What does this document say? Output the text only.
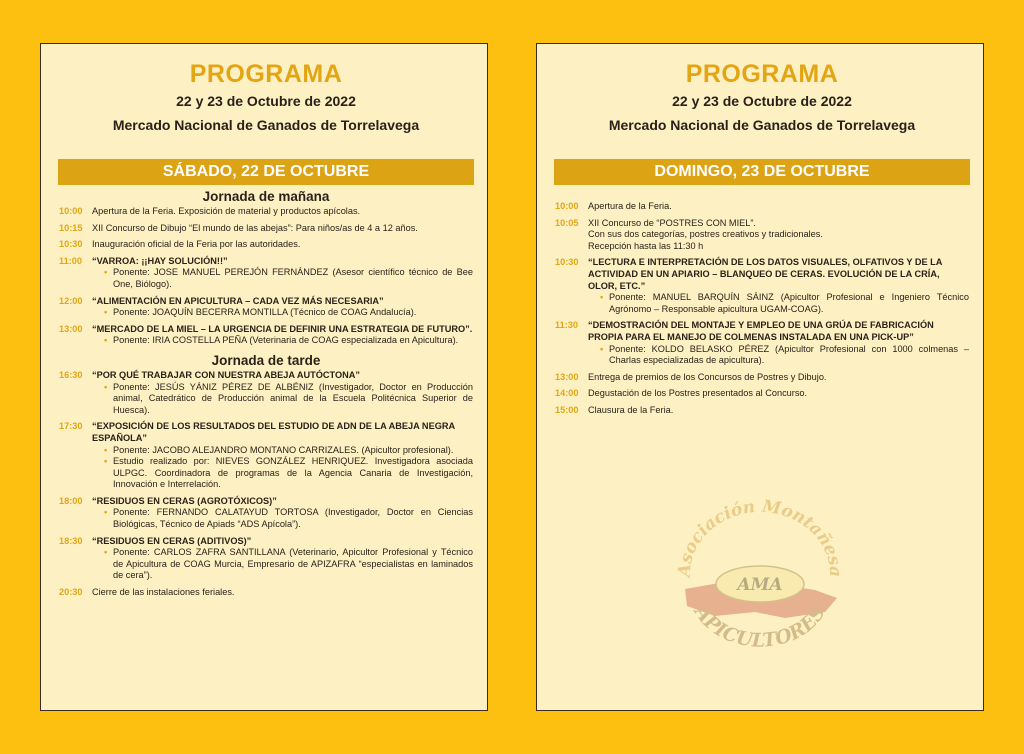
PROGRAMA
22 y 23 de Octubre de 2022
Mercado Nacional de Ganados de Torrelavega
SÁBADO, 22 DE OCTUBRE
Jornada de mañana
10:00	Apertura de la Feria. Exposición de material y productos apícolas.
10:15	XII Concurso de Dibujo “El mundo de las abejas”: Para niños/as de 4 a 12 años.
10:30	Inauguración oficial de la Feria por las autoridades.
11:00	“VARROA: ¡¡HAY SOLUCIÓN!!”
• Ponente: JOSE MANUEL PEREJÓN FERNÁNDEZ (Asesor científico técnico de Bee One, Biólogo).
12:00	“ALIMENTACIÓN EN APICULTURA – CADA VEZ MÁS NECESARIA”
• Ponente: JOAQUÍN BECERRA MONTILLA (Técnico de COAG Andalucía).
13:00	“MERCADO DE LA MIEL – LA URGENCIA DE DEFINIR UNA ESTRATEGIA DE FUTURO”.
• Ponente: IRIA COSTELLA PEÑA (Veterinaria de COAG especializada en Apicultura).
Jornada de tarde
16:30	“POR QUÉ TRABAJAR CON NUESTRA ABEJA AUTÓCTONA”
• Ponente: JESÚS YÁNIZ PÉREZ DE ALBÉNIZ (Investigador, Doctor en Producción animal, Catedrático de Producción animal de la Escuela Politécnica Superior de Huesca).
17:30	“EXPOSICIÓN DE LOS RESULTADOS DEL ESTUDIO DE ADN DE LA ABEJA NEGRA ESPAÑOLA”
• Ponente: JACOBO ALEJANDRO MONTANO CARRIZALES. (Apicultor profesional).
• Estudio realizado por: NIEVES GONZÁLEZ HENRIQUEZ. Investigadora asociada ULPGC. Coordinadora de programas de la Agencia Canaria de Investigación, Innovación e Interrelación.
18:00	“RESIDUOS EN CERAS (AGROTÓXICOS)”
• Ponente: FERNANDO CALATAYUD TORTOSA (Investigador, Doctor en Ciencias Biológicas, Técnico de Apiads “ADS Apícola”).
18:30	“RESIDUOS EN CERAS (ADITIVOS)”
• Ponente: CARLOS ZAFRA SANTILLANA (Veterinario, Apicultor Profesional y Técnico de Apicultura de COAG Murcia, Empresario de APIZAFRA “especialistas en laminados de cera”).
20:30	Cierre de las instalaciones feriales.
PROGRAMA
22 y 23 de Octubre de 2022
Mercado Nacional de Ganados de Torrelavega
DOMINGO, 23 DE OCTUBRE
10:00	Apertura de la Feria.
10:05	XII Concurso de “POSTRES CON MIEL”.
Con sus dos categorías, postres creativos y tradicionales.
Recepción hasta las 11:30 h
10:30	“LECTURA E INTERPRETACIÓN DE LOS DATOS VISUALES, OLFATIVOS Y DE LA ACTIVIDAD EN UN APIARIO – BLANQUEO DE CERAS. EVOLUCIÓN DE LA CRÍA, OLOR, ETC.”
• Ponente: MANUEL BARQUÍN SÁINZ (Apicultor Profesional e Ingeniero Técnico Agrónomo – Responsable apicultura UGAM-COAG).
11:30	“DEMOSTRACIÓN DEL MONTAJE Y EMPLEO DE UNA GRÚA DE FABRICACIÓN PROPIA PARA EL MANEJO DE COLMENAS INSTALADA EN UNA PICK-UP”
• Ponente: KOLDO BELASKO PÉREZ (Apicultor Profesional con 1000 colmenas – Charlas especializadas de apicultura).
13:00	Entrega de premios de los Concursos de Postres y Dibujo.
14:00	Degustación de los Postres presentados al Concurso.
15:00	Clausura de la Feria.
Asociación Montañesa
AMA
APICULTORES
